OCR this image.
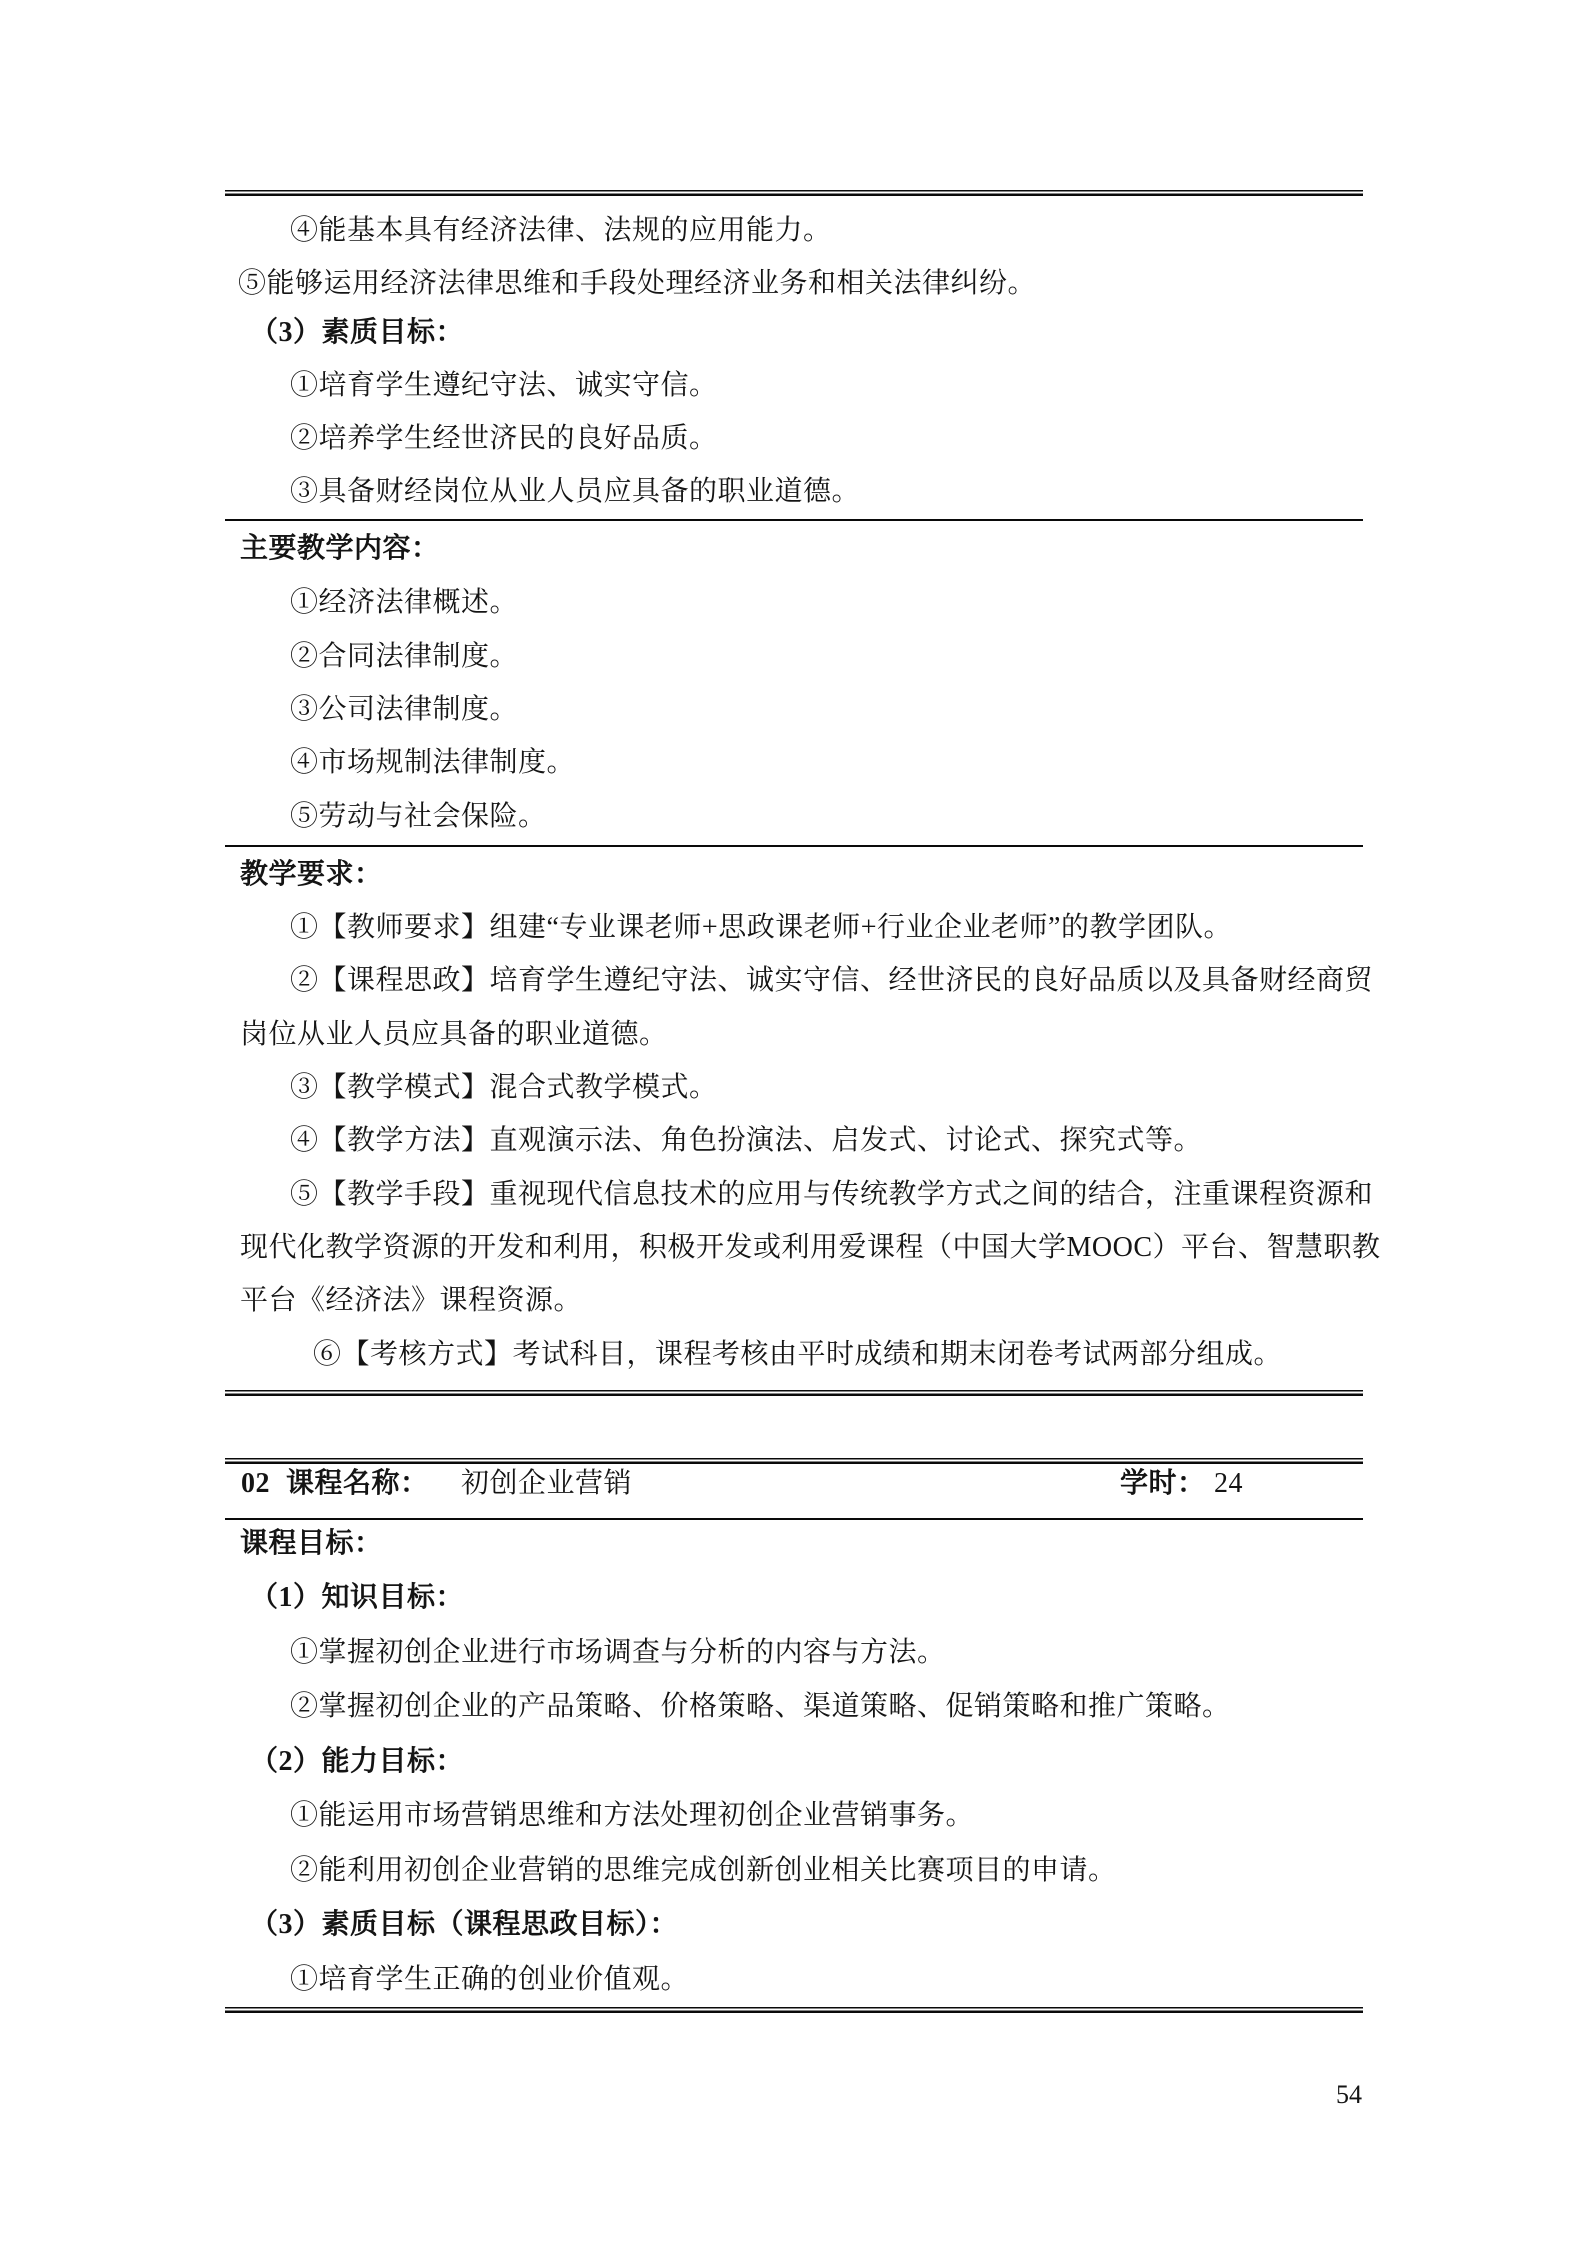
④能基本具有经济法律、法规的应用能力。
⑤能够运用经济法律思维和手段处理经济业务和相关法律纠纷。
（3）素质目标：
①培育学生遵纪守法、诚实守信。
②培养学生经世济民的良好品质。
③具备财经岗位从业人员应具备的职业道德。
主要教学内容：
①经济法律概述。
②合同法律制度。
③公司法律制度。
④市场规制法律制度。
⑤劳动与社会保险。
教学要求：
①【教师要求】组建“专业课老师+思政课老师+行业企业老师”的教学团队。
②【课程思政】培育学生遵纪守法、诚实守信、经世济民的良好品质以及具备财经商贸
岗位从业人员应具备的职业道德。
③【教学模式】混合式教学模式。
④【教学方法】直观演示法、角色扮演法、启发式、讨论式、探究式等。
⑤【教学手段】重视现代信息技术的应用与传统教学方式之间的结合，注重课程资源和
现代化教学资源的开发和利用，积极开发或利用爱课程（中国大学MOOC）平台、智慧职教
平台《经济法》课程资源。
⑥【考核方式】考试科目，课程考核由平时成绩和期末闭卷考试两部分组成。
02 课程名称： 初创企业营销	学时： 24
课程目标：
（1）知识目标：
①掌握初创企业进行市场调查与分析的内容与方法。
②掌握初创企业的产品策略、价格策略、渠道策略、促销策略和推广策略。
（2）能力目标：
①能运用市场营销思维和方法处理初创企业营销事务。
②能利用初创企业营销的思维完成创新创业相关比赛项目的申请。
（3）素质目标（课程思政目标）：
①培育学生正确的创业价值观。
54
